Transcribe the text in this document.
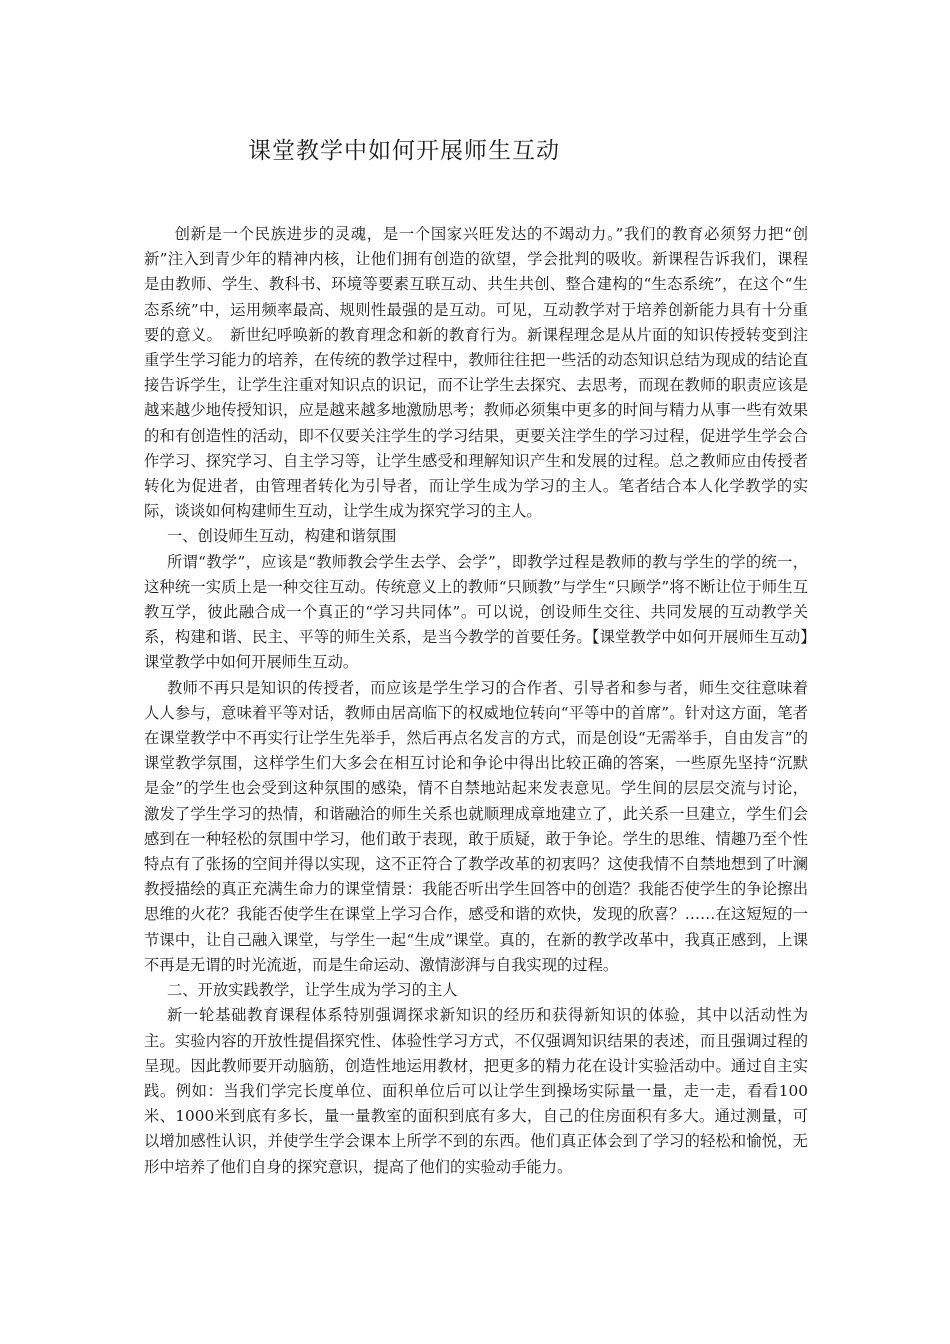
课堂教学中如何开展师生互动

创新是一个民族进步的灵魂，是一个国家兴旺发达的不竭动力。”我们的教育必须努力把“创新”注入到青少年的精神内核，让他们拥有创造的欲望，学会批判的吸收。新课程告诉我们，课程是由教师、学生、教科书、环境等要素互联互动、共生共创、整合建构的“生态系统”，在这个“生态系统”中，运用频率最高、规则性最强的是互动。可见，互动教学对于培养创新能力具有十分重要的意义。　新世纪呼唤新的教育理念和新的教育行为。新课程理念是从片面的知识传授转变到注重学生学习能力的培养，在传统的教学过程中，教师往往把一些活的动态知识总结为现成的结论直接告诉学生，让学生注重对知识点的识记，而不让学生去探究、去思考，而现在教师的职责应该是越来越少地传授知识，应是越来越多地激励思考；教师必须集中更多的时间与精力从事一些有效果的和有创造性的活动，即不仅要关注学生的学习结果，更要关注学生的学习过程，促进学生学会合作学习、探究学习、自主学习等，让学生感受和理解知识产生和发展的过程。总之教师应由传授者转化为促进者，由管理者转化为引导者，而让学生成为学习的主人。笔者结合本人化学教学的实际，谈谈如何构建师生互动，让学生成为探究学习的主人。

一、创设师生互动，构建和谐氛围

所谓“教学”，应该是“教师教会学生去学、会学”，即教学过程是教师的教与学生的学的统一，这种统一实质上是一种交往互动。传统意义上的教师“只顾教”与学生“只顾学”将不断让位于师生互教互学，彼此融合成一个真正的“学习共同体”。可以说，创设师生交往、共同发展的互动教学关系，构建和谐、民主、平等的师生关系，是当今教学的首要任务。【课堂教学中如何开展师生互动】课堂教学中如何开展师生互动。

教师不再只是知识的传授者，而应该是学生学习的合作者、引导者和参与者，师生交往意味着人人参与，意味着平等对话，教师由居高临下的权威地位转向“平等中的首席”。针对这方面，笔者在课堂教学中不再实行让学生先举手，然后再点名发言的方式，而是创设“无需举手，自由发言”的课堂教学氛围，这样学生们大多会在相互讨论和争论中得出比较正确的答案，一些原先坚持“沉默是金”的学生也会受到这种氛围的感染，情不自禁地站起来发表意见。学生间的层层交流与讨论，激发了学生学习的热情，和谐融洽的师生关系也就顺理成章地建立了，此关系一旦建立，学生们会感到在一种轻松的氛围中学习，他们敢于表现，敢于质疑，敢于争论。学生的思维、情趣乃至个性特点有了张扬的空间并得以实现，这不正符合了教学改革的初衷吗？这使我情不自禁地想到了叶澜教授描绘的真正充满生命力的课堂情景：我能否听出学生回答中的创造？我能否使学生的争论擦出思维的火花？我能否使学生在课堂上学习合作，感受和谐的欢快，发现的欣喜？……在这短短的一节课中，让自己融入课堂，与学生一起“生成”课堂。真的，在新的教学改革中，我真正感到，上课不再是无谓的时光流逝，而是生命运动、激情澎湃与自我实现的过程。

二、开放实践教学，让学生成为学习的主人

新一轮基础教育课程体系特别强调探求新知识的经历和获得新知识的体验，其中以活动性为主。实验内容的开放性提倡探究性、体验性学习方式，不仅强调知识结果的表述，而且强调过程的呈现。因此教师要开动脑筋，创造性地运用教材，把更多的精力花在设计实验活动中。通过自主实践。例如：当我们学完长度单位、面积单位后可以让学生到操场实际量一量，走一走，看看100米、1000米到底有多长，量一量教室的面积到底有多大，自己的住房面积有多大。通过测量，可以增加感性认识，并使学生学会课本上所学不到的东西。他们真正体会到了学习的轻松和愉悦，无形中培养了他们自身的探究意识，提高了他们的实验动手能力。
